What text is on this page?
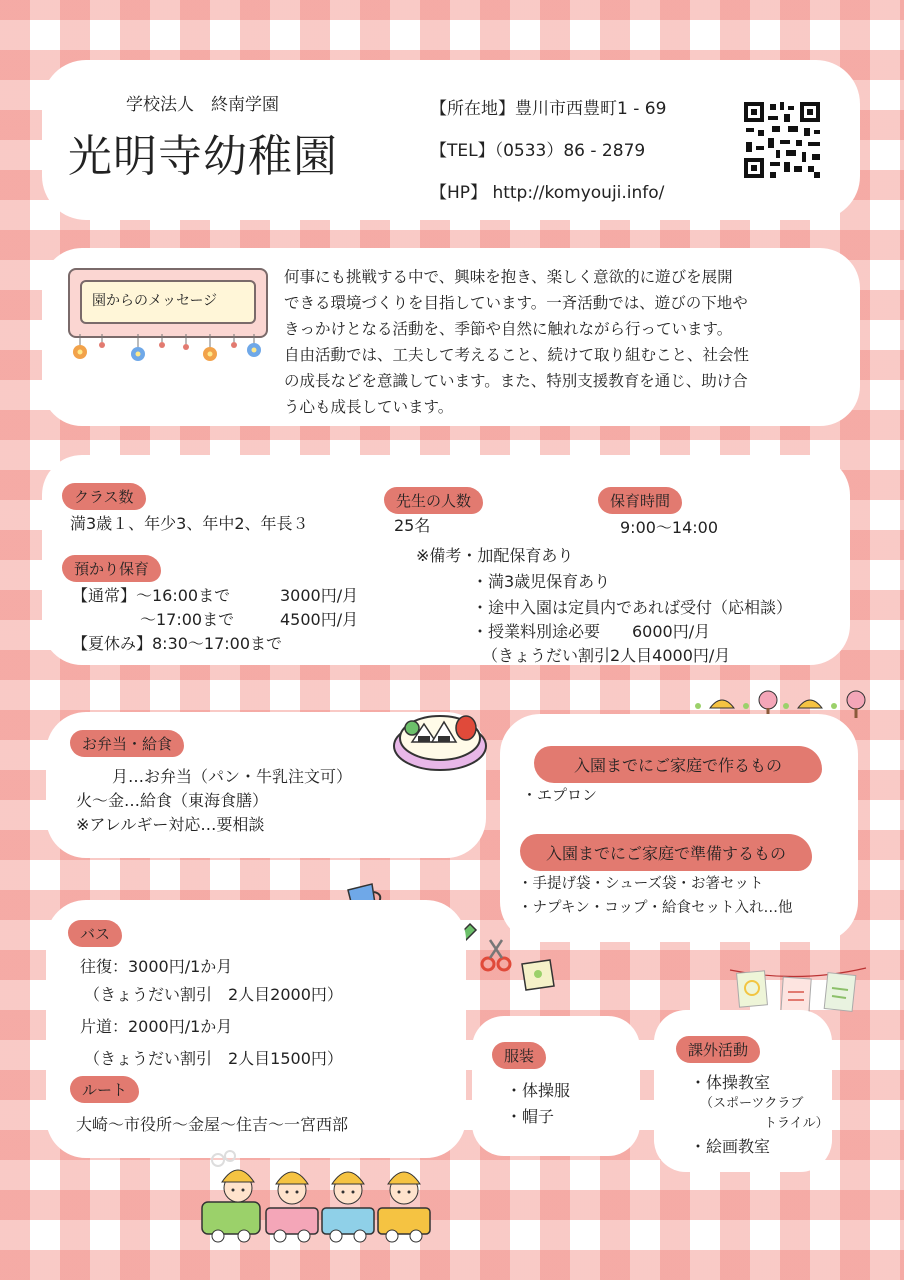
学校法人　終南学園
光明寺幼稚園
【所在地】豊川市西豊町1 - 69
【TEL】（0533）86 - 2879
【HP】 http://komyouji.info/
園からのメッセージ
何事にも挑戦する中で、興味を抱き、楽しく意欲的に遊びを展開
できる環境づくりを目指しています。一斉活動では、遊びの下地や
きっかけとなる活動を、季節や自然に触れながら行っています。
自由活動では、工夫して考えること、続けて取り組むこと、社会性
の成長などを意識しています。また、特別支援教育を通じ、助け合
う心も成長しています。
クラス数
満3歳１、年少3、年中2、年長３
先生の人数
25名
保育時間
9:00～14:00
預かり保育
【通常】～16:00まで	3000円/月
～17:00まで	4500円/月
【夏休み】8:30～17:00まで
※備考・加配保育あり
・満3歳児保育あり
・途中入園は定員内であれば受付（応相談）
・授業料別途必要　　6000円/月
（きょうだい割引2人目4000円/月
お弁当・給食
月…お弁当（パン・牛乳注文可）
火～金…給食（東海食膳）
※アレルギー対応…要相談
入園までにご家庭で作るもの
・エプロン
入園までにご家庭で準備するもの
・手提げ袋・シューズ袋・お箸セット
・ナプキン・コップ・給食セット入れ…他
バス
往復：3000円/1か月
（きょうだい割引　2人目2000円）
片道：2000円/1か月
（きょうだい割引　2人目1500円）
ルート
大崎～市役所～金屋～住吉～一宮西部
服装
・体操服
・帽子
課外活動
・体操教室
（スポーツクラブ
トライル）
・絵画教室
